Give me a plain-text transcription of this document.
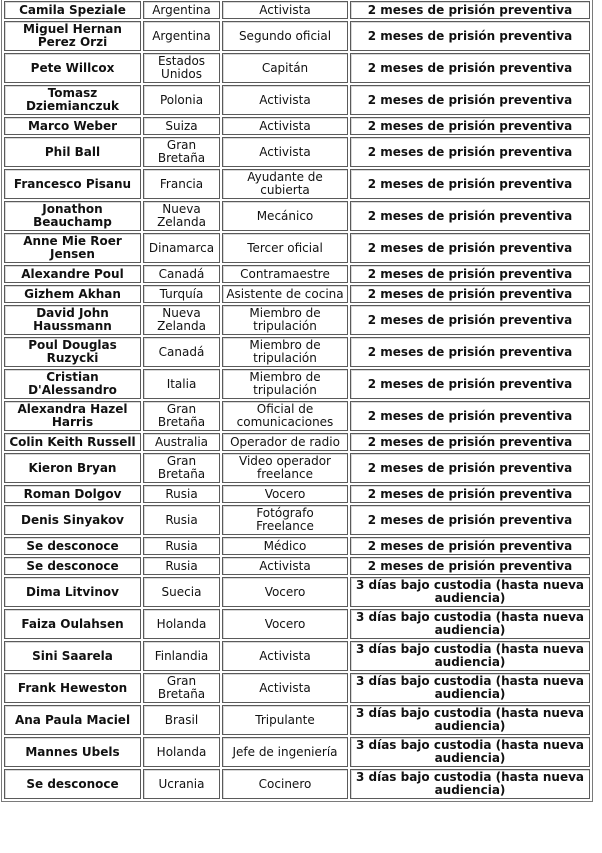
Camila Speziale	Argentina	Activista	2 meses de prisión preventiva
Miguel Hernan Perez Orzi	Argentina	Segundo oficial	2 meses de prisión preventiva
Pete Willcox	Estados Unidos	Capitán	2 meses de prisión preventiva
Tomasz Dziemianczuk	Polonia	Activista	2 meses de prisión preventiva
Marco Weber	Suiza	Activista	2 meses de prisión preventiva
Phil Ball	Gran Bretaña	Activista	2 meses de prisión preventiva
Francesco Pisanu	Francia	Ayudante de cubierta	2 meses de prisión preventiva
Jonathon Beauchamp	Nueva Zelanda	Mecánico	2 meses de prisión preventiva
Anne Mie Roer Jensen	Dinamarca	Tercer oficial	2 meses de prisión preventiva
Alexandre Poul	Canadá	Contramaestre	2 meses de prisión preventiva
Gizhem Akhan	Turquía	Asistente de cocina	2 meses de prisión preventiva
David John Haussmann	Nueva Zelanda	Miembro de tripulación	2 meses de prisión preventiva
Poul Douglas Ruzycki	Canadá	Miembro de tripulación	2 meses de prisión preventiva
Cristian D'Alessandro	Italia	Miembro de tripulación	2 meses de prisión preventiva
Alexandra Hazel Harris	Gran Bretaña	Oficial de comunicaciones	2 meses de prisión preventiva
Colin Keith Russell	Australia	Operador de radio	2 meses de prisión preventiva
Kieron Bryan	Gran Bretaña	Video operador freelance	2 meses de prisión preventiva
Roman Dolgov	Rusia	Vocero	2 meses de prisión preventiva
Denis Sinyakov	Rusia	Fotógrafo Freelance	2 meses de prisión preventiva
Se desconoce	Rusia	Médico	2 meses de prisión preventiva
Se desconoce	Rusia	Activista	2 meses de prisión preventiva
Dima Litvinov	Suecia	Vocero	3 días bajo custodia (hasta nueva audiencia)
Faiza Oulahsen	Holanda	Vocero	3 días bajo custodia (hasta nueva audiencia)
Sini Saarela	Finlandia	Activista	3 días bajo custodia (hasta nueva audiencia)
Frank Heweston	Gran Bretaña	Activista	3 días bajo custodia (hasta nueva audiencia)
Ana Paula Maciel	Brasil	Tripulante	3 días bajo custodia (hasta nueva audiencia)
Mannes Ubels	Holanda	Jefe de ingeniería	3 días bajo custodia (hasta nueva audiencia)
Se desconoce	Ucrania	Cocinero	3 días bajo custodia (hasta nueva audiencia)
